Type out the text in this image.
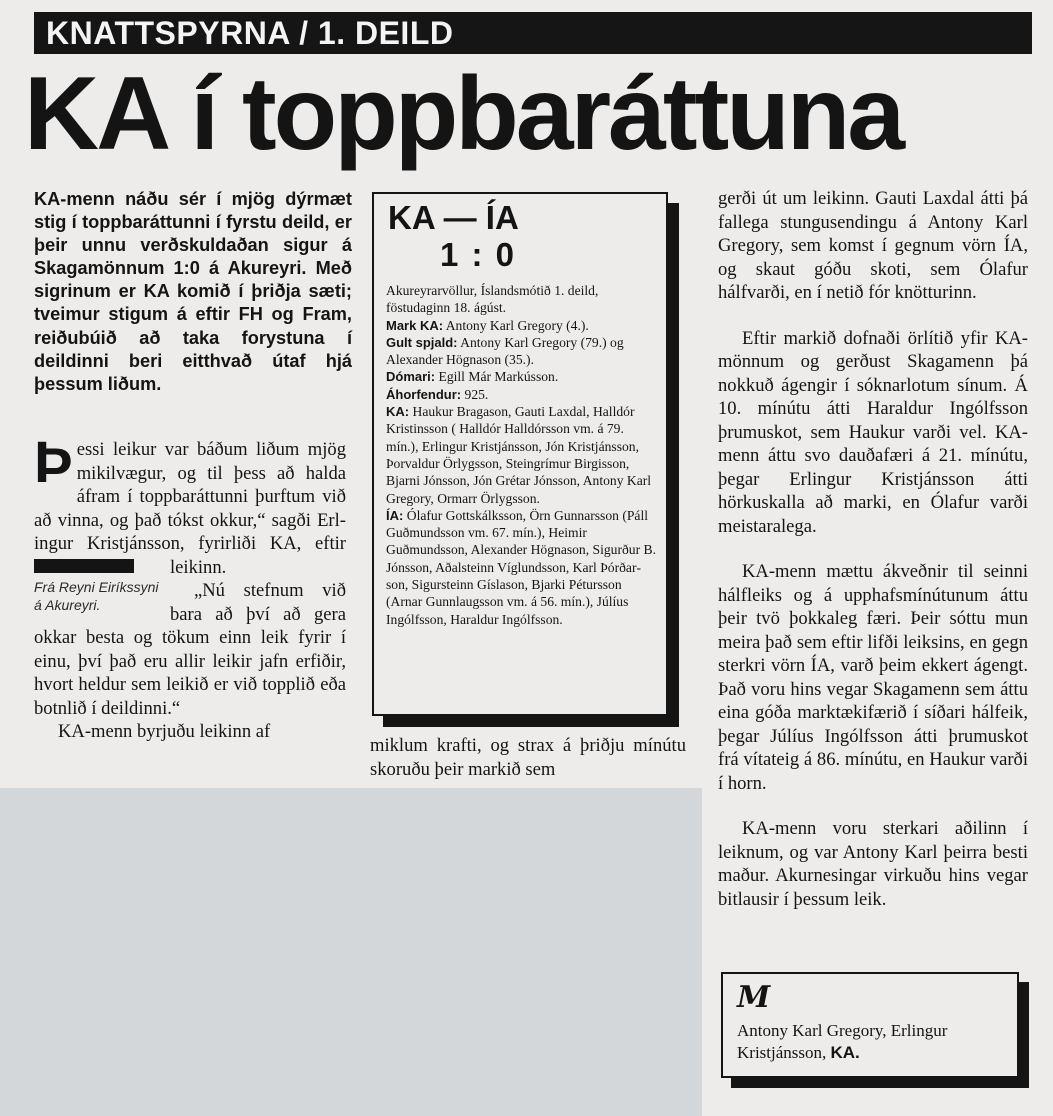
KNATTSPYRNA / 1. DEILD
KA í toppbaráttuna
KA-menn náðu sér í mjög dýrmæt stig í toppbaráttunni í fyrstu deild, er þeir unnu verðskuldaðan sigur á Skagamönnum 1:0 á Akureyri. Með sigrinum er KA komið í þriðja sæti; tveimur stigum á eftir FH og Fram, reiðubúið að taka forystuna í deildinni beri eitthvað útaf hjá þessum liðum.
Þ essi leikur var báðum liðum mjög mikilvægur, og til þess að halda áfram í toppbaráttunni þurftum við að vinna, og það tókst okkur,“ sagði Erlingur Kristjánsson, fyrirliði KA, eftir leikinn.
Frá Reyni Eiríkssyni á Akureyri.

„Nú stefnum við bara að því að gera okkar besta og tökum einn leik fyrir í einu, því það eru allir leikir jafn erfiðir, hvort heldur sem leikið er við topplið eða botnlið í deildinni.“

KA-menn byrjuðu leikinn af

KA — ÍA
1 : 0

Akureyrarvöllur, Íslandsmótið 1. deild, föstudaginn 18. ágúst.

Mark KA: Antony Karl Gregory (4.).

Gult spjald: Antony Karl Gregory (79.) og Alexander Högnason (35.).

Dómari: Egill Már Markússon.

Áhorfendur: 925.

KA: Haukur Bragason, Gauti Laxdal, Halldór Kristinsson ( Halldór Halldórsson vm. á 79. mín.), Erlingur Kristjánsson, Jón Kristjánsson, Þorvaldur Örlygsson, Steingrímur Birgisson, Bjarni Jónsson, Jón Grétar Jónsson, Antony Karl Gregory, Ormarr Örlygsson.

ÍA: Ólafur Gottskálksson, Örn Gunnarsson (Páll Guðmundsson vm. 67. mín.), Heimir Guðmundsson, Alexander Högnason, Sigurður B. Jónsson, Aðalsteinn Víglundsson, Karl Þórðarson, Sigursteinn Gíslason, Bjarki Pétursson (Arnar Gunnlaugsson vm. á 56. mín.), Júlíus Ingólfsson, Haraldur Ingólfsson.

miklum krafti, og strax á þriðju mínútu skoruðu þeir markið sem

gerði út um leikinn. Gauti Laxdal átti þá fallega stungusendingu á Antony Karl Gregory, sem komst í gegnum vörn ÍA, og skaut góðu skoti, sem Ólafur hálfvarði, en í netið fór knötturinn.

Eftir markið dofnaði örlítið yfir KA-mönnum og gerðust Skagamenn þá nokkuð ágengir í sóknarlotum sínum. Á 10. mínútu átti Haraldur Ingólfsson þrumuskot, sem Haukur varði vel. KA-menn áttu svo dauðafæri á 21. mínútu, þegar Erlingur Kristjánsson átti hörkuskalla að marki, en Ólafur varði meistaralega.

KA-menn mættu ákveðnir til seinni hálfleiks og á upphafsmínútunum áttu þeir tvö þokkaleg færi. Þeir sóttu mun meira það sem eftir lifði leiksins, en gegn sterkri vörn ÍA, varð þeim ekkert ágengt. Það voru hins vegar Skagamenn sem áttu eina góða marktækifærið í síðari hálfeik, þegar Júlíus Ingólfsson átti þrumuskot frá vítateig á 86. mínútu, en Haukur varði í horn.

KA-menn voru sterkari aðilinn í leiknum, og var Antony Karl þeirra besti maður. Akurnesingar virkuðu hins vegar bitlausir í þessum leik.

M
Antony Karl Gregory, Erlingur Kristjánsson, KA.
